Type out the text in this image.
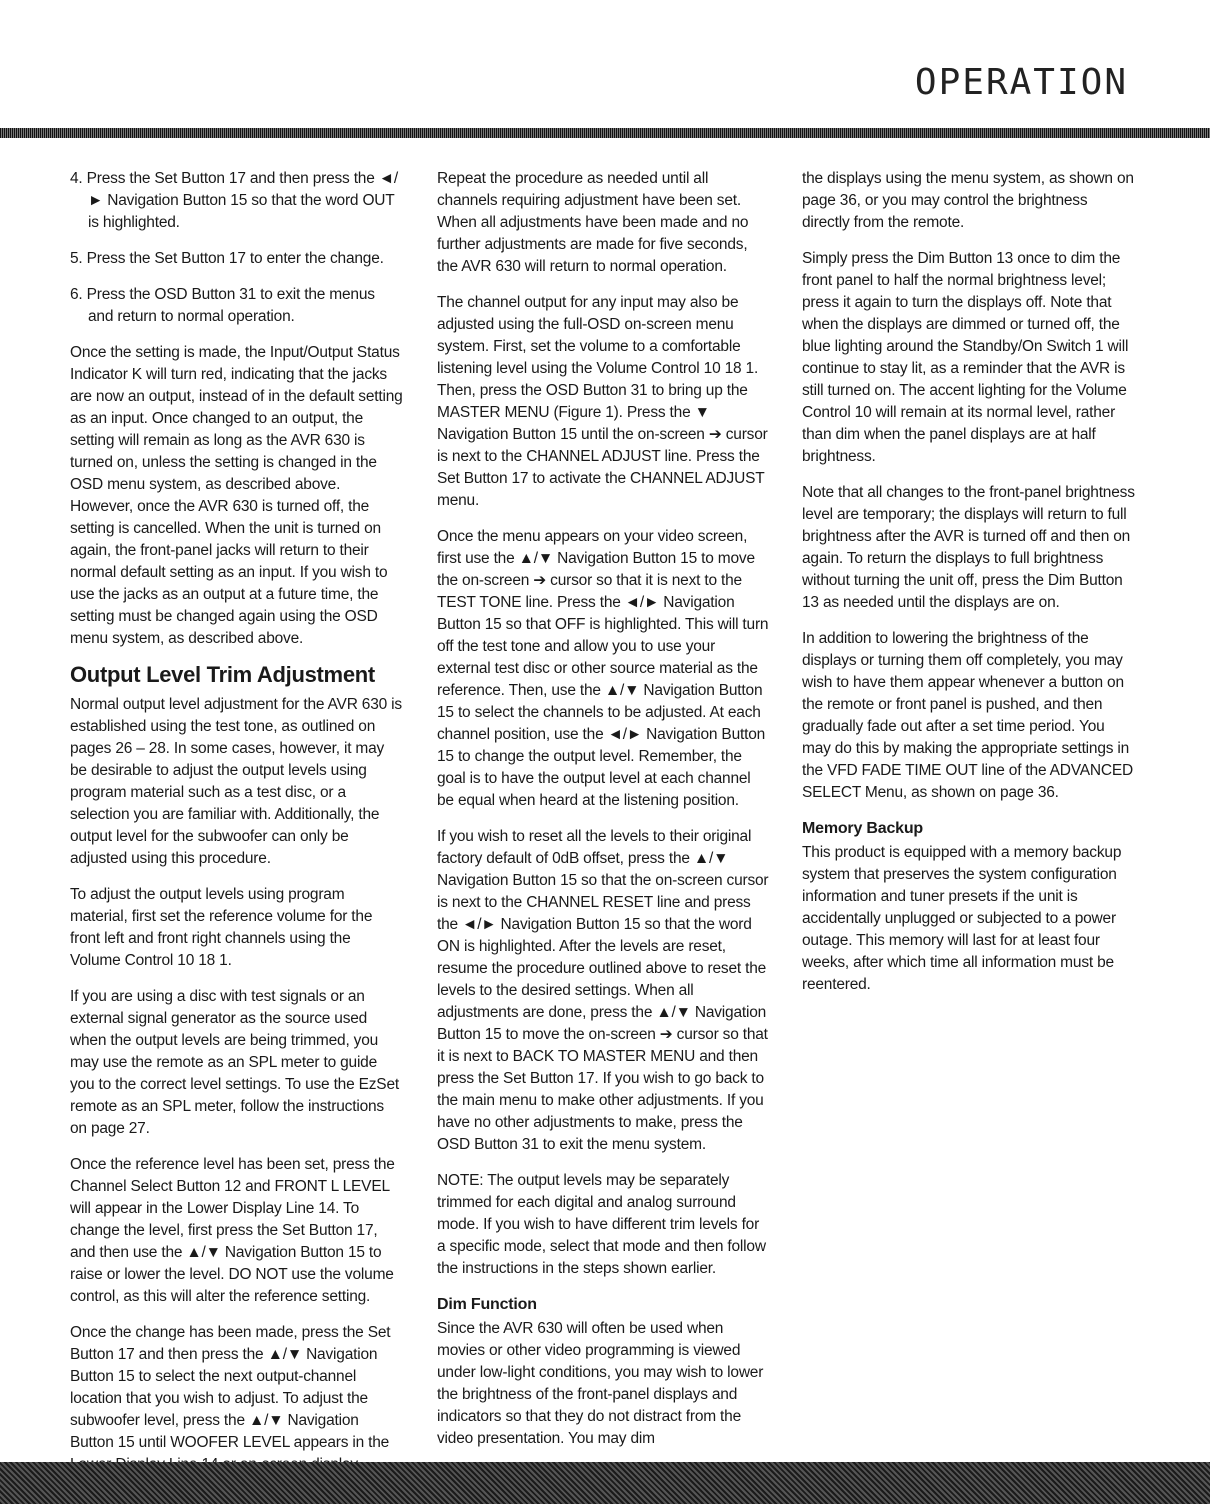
OPERATION

4. Press the Set Button 17 and then press the ◄/► Navigation Button 15 so that the word OUT is highlighted.

5. Press the Set Button 17 to enter the change.

6. Press the OSD Button 31 to exit the menus and return to normal operation.

Once the setting is made, the Input/Output Status Indicator K will turn red, indicating that the jacks are now an output, instead of in the default setting as an input. Once changed to an output, the setting will remain as long as the AVR 630 is turned on, unless the setting is changed in the OSD menu system, as described above. However, once the AVR 630 is turned off, the setting is cancelled. When the unit is turned on again, the front-panel jacks will return to their normal default setting as an input. If you wish to use the jacks as an output at a future time, the setting must be changed again using the OSD menu system, as described above.

Output Level Trim Adjustment

Normal output level adjustment for the AVR 630 is established using the test tone, as outlined on pages 26 – 28. In some cases, however, it may be desirable to adjust the output levels using program material such as a test disc, or a selection you are familiar with. Additionally, the output level for the subwoofer can only be adjusted using this procedure.

To adjust the output levels using program material, first set the reference volume for the front left and front right channels using the Volume Control 10 18 1.

If you are using a disc with test signals or an external signal generator as the source used when the output levels are being trimmed, you may use the remote as an SPL meter to guide you to the correct level settings. To use the EzSet remote as an SPL meter, follow the instructions on page 27.

Once the reference level has been set, press the Channel Select Button 12 and FRONT L LEVEL will appear in the Lower Display Line 14. To change the level, first press the Set Button 17, and then use the ▲/▼ Navigation Button 15 to raise or lower the level. DO NOT use the volume control, as this will alter the reference setting.

Once the change has been made, press the Set Button 17 and then press the ▲/▼ Navigation Button 15 to select the next output-channel location that you wish to adjust. To adjust the subwoofer level, press the ▲/▼ Navigation Button 15 until WOOFER LEVEL appears in the

Repeat the procedure as needed until all channels requiring adjustment have been set. When all adjustments have been made and no further adjustments are made for five seconds, the AVR 630 will return to normal operation.

The channel output for any input may also be adjusted using the full-OSD on-screen menu system. First, set the volume to a comfortable listening level using the Volume Control 10 18 1. Then, press the OSD Button 31 to bring up the MASTER MENU (Figure 1). Press the ▼ Navigation Button 15 until the on-screen ➔ cursor is next to the CHANNEL ADJUST line. Press the Set Button 17 to activate the CHANNEL ADJUST menu.

Once the menu appears on your video screen, first use the ▲/▼ Navigation Button 15 to move the on-screen ➔ cursor so that it is next to the TEST TONE line. Press the ◄/► Navigation Button 15 so that OFF is highlighted. This will turn off the test tone and allow you to use your external test disc or other source material as the reference. Then, use the ▲/▼ Navigation Button 15 to select the channels to be adjusted. At each channel position, use the ◄/► Navigation Button 15 to change the output level. Remember, the goal is to have the output level at each channel be equal when heard at the listening position.

If you wish to reset all the levels to their original factory default of 0dB offset, press the ▲/▼ Navigation Button 15 so that the on-screen cursor is next to the CHANNEL RESET line and press the ◄/► Navigation Button 15 so that the word ON is highlighted. After the levels are reset, resume the procedure outlined above to reset the levels to the desired settings. When all adjustments are done, press the ▲/▼ Navigation Button 15 to move the on-screen ➔ cursor so that it is next to BACK TO MASTER MENU and then press the Set Button 17. If you wish to go back to the main menu to make other adjustments. If you have no other adjustments to make, press the OSD Button 31 to exit the menu system.

NOTE: The output levels may be separately trimmed for each digital and analog surround mode. If you wish to have different trim levels for a specific mode, select that mode and then follow the instructions in the steps shown earlier.

Dim Function

Since the AVR 630 will often be used when movies or other video programming is viewed under low-light conditions, you may wish to lower the brightness of the front-panel displays and indicators so that they do not distract from the video presentation. You may dim

the displays using the menu system, as shown on page 36, or you may control the brightness directly from the remote.

Simply press the Dim Button 13 once to dim the front panel to half the normal brightness level; press it again to turn the displays off. Note that when the displays are dimmed or turned off, the blue lighting around the Standby/On Switch 1 will continue to stay lit, as a reminder that the AVR is still turned on. The accent lighting for the Volume Control 10 will remain at its normal level, rather than dim when the panel displays are at half brightness.

Note that all changes to the front-panel brightness level are temporary; the displays will return to full brightness after the AVR is turned off and then on again. To return the displays to full brightness without turning the unit off, press the Dim Button 13 as needed until the displays are on.

In addition to lowering the brightness of the displays or turning them off completely, you may wish to have them appear whenever a button on the remote or front panel is pushed, and then gradually fade out after a set time period. You may do this by making the appropriate settings in the VFD FADE TIME OUT line of the ADVANCED SELECT Menu, as shown on page 36.

Memory Backup

This product is equipped with a memory backup system that preserves the system configuration information and tuner presets if the unit is accidentally unplugged or subjected to a power outage. This memory will last for at least four weeks, after which time all information must be reentered.
